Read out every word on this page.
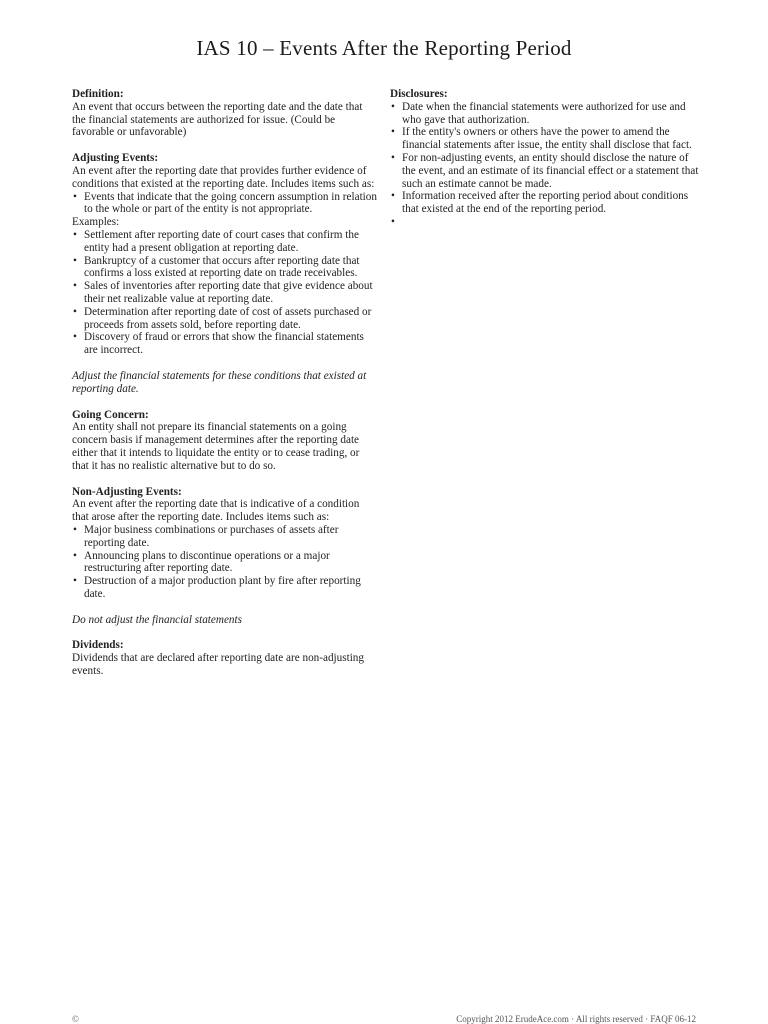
IAS 10 – Events After the Reporting Period
Definition:

An event that occurs between the reporting date and the date that the financial statements are authorized for issue. (Could be favorable or unfavorable)

Adjusting Events:

An event after the reporting date that provides further evidence of conditions that existed at the reporting date. Includes items such as:

• Events that indicate that the going concern assumption in relation to the whole or part of the entity is not appropriate.

Examples:

• Settlement after reporting date of court cases that confirm the entity had a present obligation at reporting date.
• Bankruptcy of a customer that occurs after reporting date that confirms a loss existed at reporting date on trade receivables.
• Sales of inventories after reporting date that give evidence about their net realizable value at reporting date.
• Determination after reporting date of cost of assets purchased or proceeds from assets sold, before reporting date.
• Discovery of fraud or errors that show the financial statements are incorrect.

Adjust the financial statements for these conditions that existed at reporting date.

Going Concern:

An entity shall not prepare its financial statements on a going concern basis if management determines after the reporting date either that it intends to liquidate the entity or to cease trading, or that it has no realistic alternative but to do so.

Non-Adjusting Events:

An event after the reporting date that is indicative of a condition that arose after the reporting date. Includes items such as:

• Major business combinations or purchases of assets after reporting date.
• Announcing plans to discontinue operations or a major restructuring after reporting date.
• Destruction of a major production plant by fire after reporting date.

Do not adjust the financial statements

Dividends:

Dividends that are declared after reporting date are non-adjusting events.

Disclosures:
• Date when the financial statements were authorized for use and who gave that authorization.
• If the entity's owners or others have the power to amend the financial statements after issue, the entity shall disclose that fact.
• For non-adjusting events, an entity should disclose the nature of the event, and an estimate of its financial effect or a statement that such an estimate cannot be made.
• Information received after the reporting period about conditions that existed at the end of the reporting period.
•
©	Copyright 2012 ErudeAce.com · All rights reserved · FAQF 06-12
